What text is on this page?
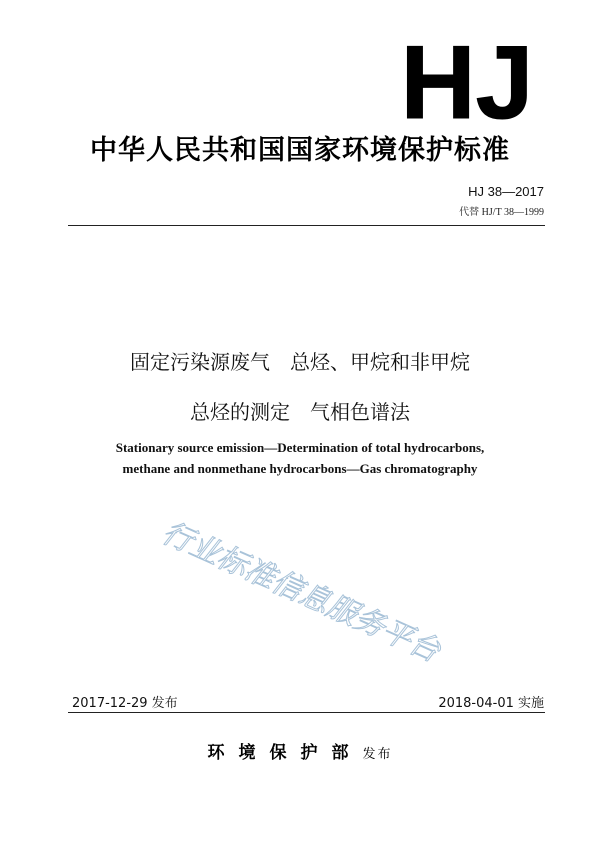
HJ
中华人民共和国国家环境保护标准
HJ 38—2017
代替 HJ/T 38—1999
固定污染源废气　总烃、甲烷和非甲烷
总烃的测定　气相色谱法
Stationary source emission—Determination of total hydrocarbons,
methane and nonmethane hydrocarbons—Gas chromatography
行业标准信息服务平台
2017-12-29 发布	2018-04-01 实施
环境保护部发布
